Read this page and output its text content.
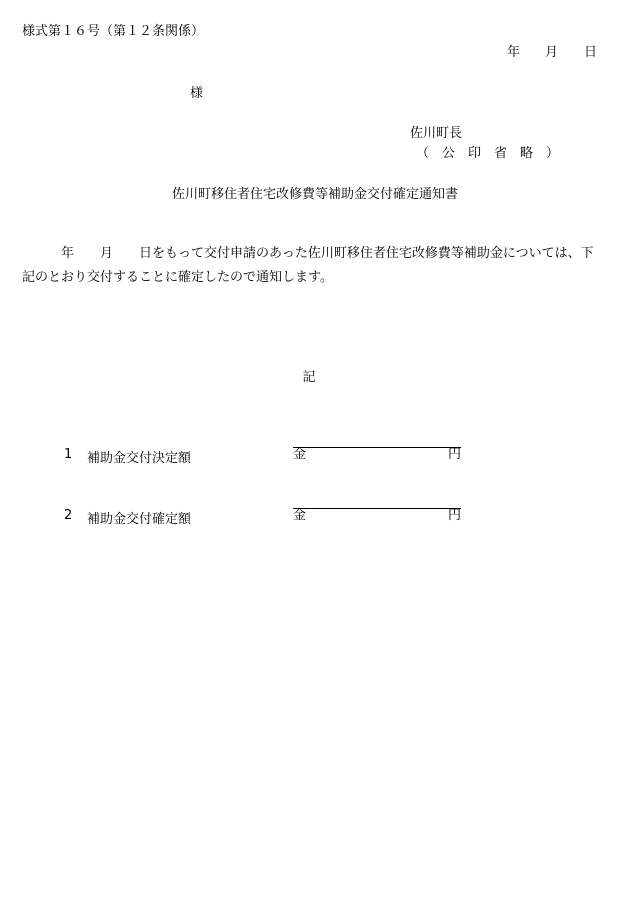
様式第１６号（第１２条関係）
年 月 日
様
佐川町長
（　公　印　省　略　）
佐川町移住者住宅改修費等補助金交付確定通知書
年　　月　　日をもって交付申請のあった佐川町移住者住宅改修費等補助金については、下
記のとおり交付することに確定したので通知します。
記
1 補助金交付決定額	金	円
2 補助金交付確定額	金	円
